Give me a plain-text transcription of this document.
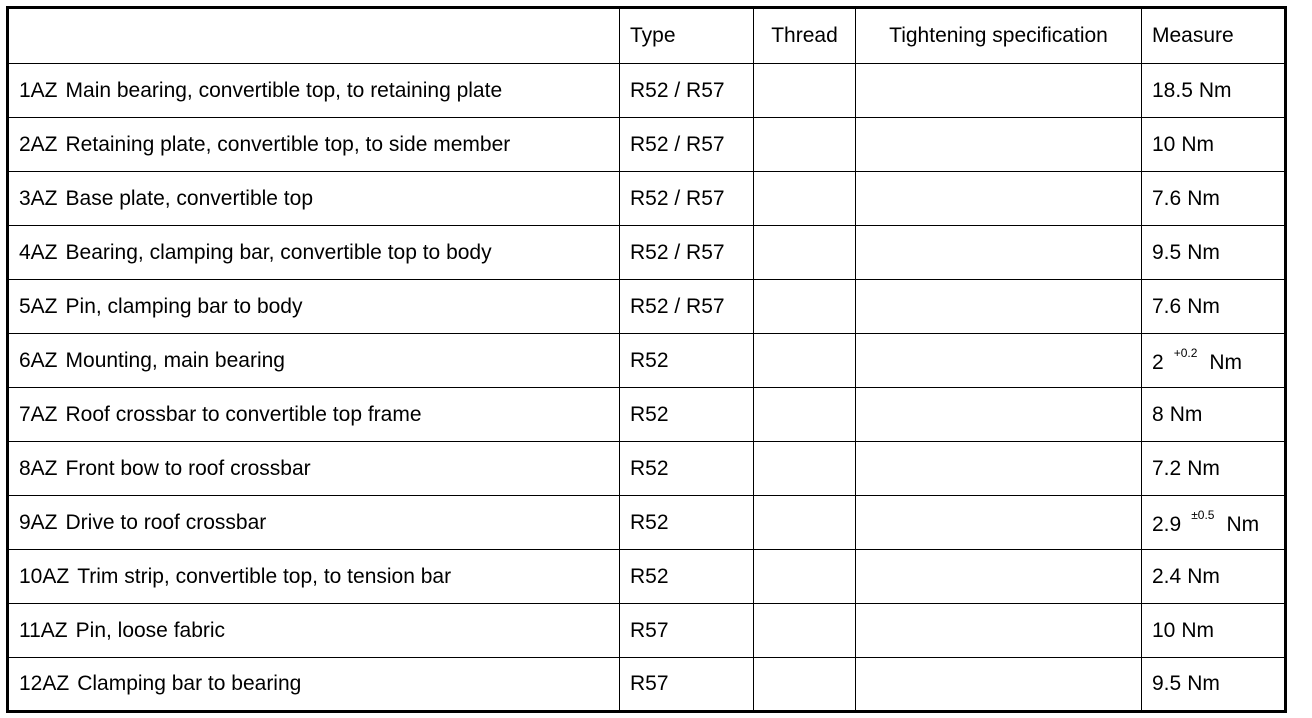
	Type	Thread	Tightening specification	Measure
1AZ Main bearing, convertible top, to retaining plate	R52 / R57			18.5 Nm
2AZ Retaining plate, convertible top, to side member	R52 / R57			10 Nm
3AZ Base plate, convertible top	R52 / R57			7.6 Nm
4AZ Bearing, clamping bar, convertible top to body	R52 / R57			9.5 Nm
5AZ Pin, clamping bar to body	R52 / R57			7.6 Nm
6AZ Mounting, main bearing	R52			2 $^{+0.2}$ Nm
7AZ Roof crossbar to convertible top frame	R52			8 Nm
8AZ Front bow to roof crossbar	R52			7.2 Nm
9AZ Drive to roof crossbar	R52			2.9 $^{\pm 0.5}$ Nm
10AZ Trim strip, convertible top, to tension bar	R52			2.4 Nm
11AZ Pin, loose fabric	R57			10 Nm
12AZ Clamping bar to bearing	R57			9.5 Nm
